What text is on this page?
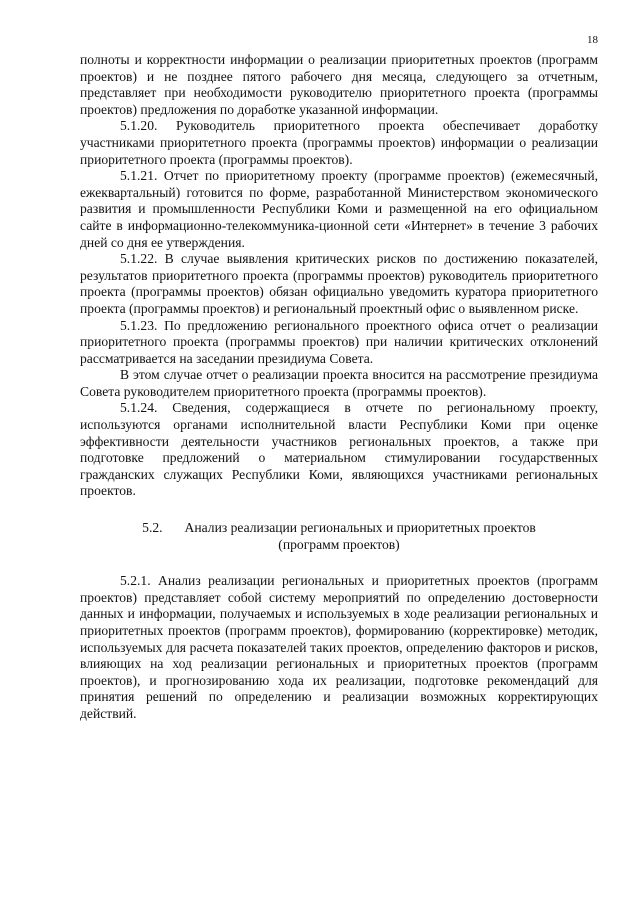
18

полноты и корректности информации о реализации приоритетных проектов (программ проектов) и не позднее пятого рабочего дня месяца, следующего за отчетным, представляет при необходимости руководителю приоритетного проекта (программы проектов) предложения по доработке указанной информации.

5.1.20. Руководитель приоритетного проекта обеспечивает доработку участниками приоритетного проекта (программы проектов) информации о реализации приоритетного проекта (программы проектов).

5.1.21. Отчет по приоритетному проекту (программе проектов) (ежемесячный, ежеквартальный) готовится по форме, разработанной Министерством экономического развития и промышленности Республики Коми и размещенной на его официальном сайте в информационно-телекоммуника-ционной сети «Интернет» в течение 3 рабочих дней со дня ее утверждения.

5.1.22. В случае выявления критических рисков по достижению показателей, результатов приоритетного проекта (программы проектов) руководитель приоритетного проекта (программы проектов) обязан официально уведомить куратора приоритетного проекта (программы проектов) и региональный проектный офис о выявленном риске.

5.1.23. По предложению регионального проектного офиса отчет о реализации приоритетного проекта (программы проектов) при наличии критических отклонений рассматривается на заседании президиума Совета.

В этом случае отчет о реализации проекта вносится на рассмотрение президиума Совета руководителем приоритетного проекта (программы проектов).

5.1.24. Сведения, содержащиеся в отчете по региональному проекту, используются органами исполнительной власти Республики Коми при оценке эффективности деятельности участников региональных проектов, а также при подготовке предложений о материальном стимулировании государственных гражданских служащих Республики Коми, являющихся участниками региональных проектов.

5.2. Анализ реализации региональных и приоритетных проектов
(программ проектов)

5.2.1. Анализ реализации региональных и приоритетных проектов (программ проектов) представляет собой систему мероприятий по определению достоверности данных и информации, получаемых и используемых в ходе реализации региональных и приоритетных проектов (программ проектов), формированию (корректировке) методик, используемых для расчета показателей таких проектов, определению факторов и рисков, влияющих на ход реализации региональных и приоритетных проектов (программ проектов), и прогнозированию хода их реализации, подготовке рекомендаций для принятия решений по определению и реализации возможных корректирующих действий.
